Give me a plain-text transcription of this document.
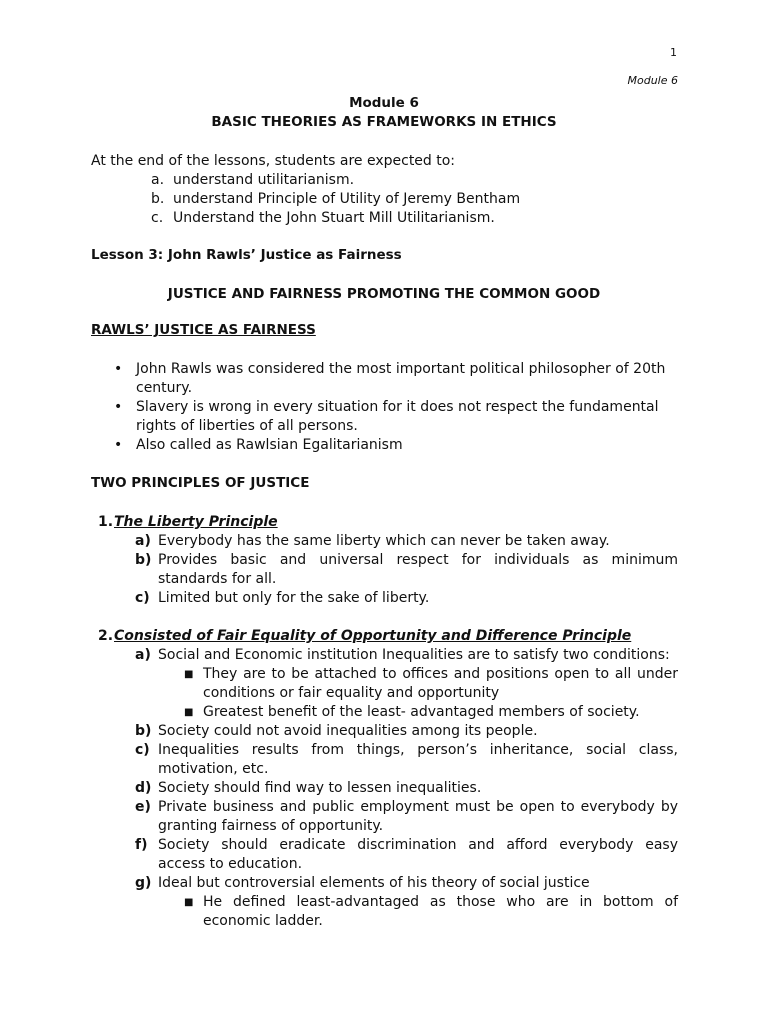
1
Module 6
Module 6
BASIC THEORIES AS FRAMEWORKS IN ETHICS
At the end of the lessons, students are expected to:
a. understand utilitarianism.
b. understand Principle of Utility of Jeremy Bentham
c. Understand the John Stuart Mill Utilitarianism.
Lesson 3: John Rawls’ Justice as Fairness
JUSTICE AND FAIRNESS PROMOTING THE COMMON GOOD
RAWLS’ JUSTICE AS FAIRNESS
• John Rawls was considered the most important political philosopher of 20th century.
• Slavery is wrong in every situation for it does not respect the fundamental rights of liberties of all persons.
• Also called as Rawlsian Egalitarianism
TWO PRINCIPLES OF JUSTICE
1.The Liberty Principle
a) Everybody has the same liberty which can never be taken away.
b) Provides basic and universal respect for individuals as minimum standards for all.
c) Limited but only for the sake of liberty.
2.Consisted of Fair Equality of Opportunity and Difference Principle
a) Social and Economic institution Inequalities are to satisfy two conditions:
■ They are to be attached to offices and positions open to all under conditions or fair equality and opportunity
■ Greatest benefit of the least- advantaged members of society.
b) Society could not avoid inequalities among its people.
c) Inequalities results from things, person’s inheritance, social class, motivation, etc.
d) Society should find way to lessen inequalities.
e) Private business and public employment must be open to everybody by granting fairness of opportunity.
f) Society should eradicate discrimination and afford everybody easy access to education.
g) Ideal but controversial elements of his theory of social justice
■ He defined least-advantaged as those who are in bottom of economic ladder.
